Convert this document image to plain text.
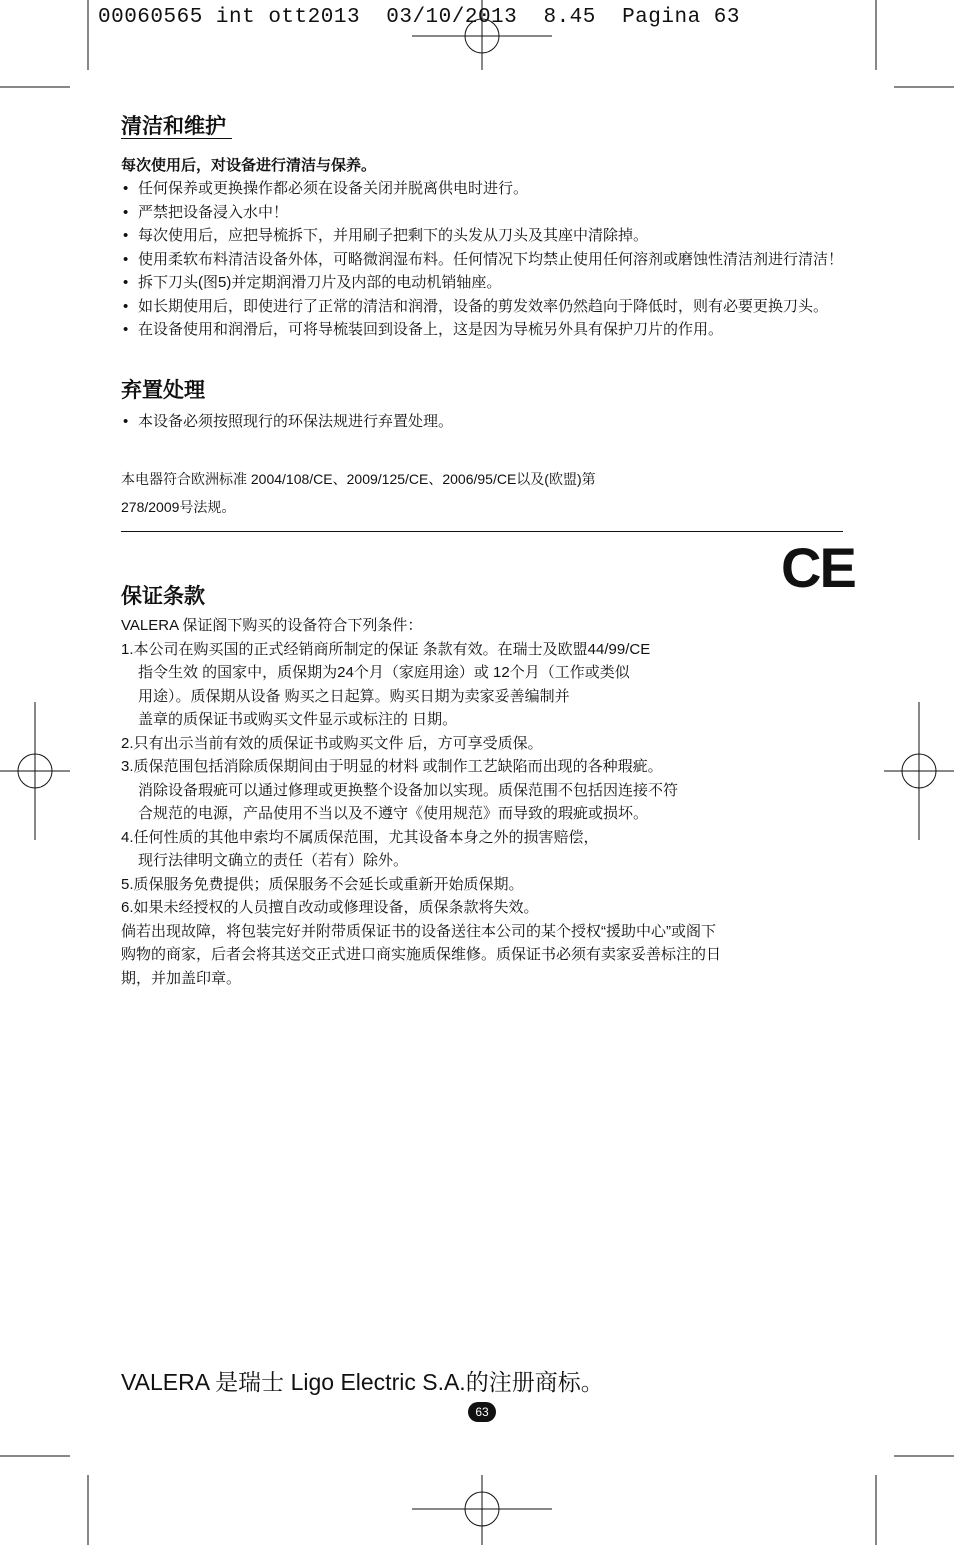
00060565 int ott2013  03/10/2013  8.45  Pagina 63
清洁和维护
每次使用后，对设备进行清洁与保养。
• 任何保养或更换操作都必须在设备关闭并脱离供电时进行。
• 严禁把设备浸入水中！
• 每次使用后，应把导梳拆下，并用刷子把剩下的头发从刀头及其座中清除掉。
• 使用柔软布料清洁设备外体，可略微润湿布料。任何情况下均禁止使用任何溶剂或磨蚀性清洁剂进行清洁！
• 拆下刀头(图5)并定期润滑刀片及内部的电动机销轴座。
• 如长期使用后，即使进行了正常的清洁和润滑，设备的剪发效率仍然趋向于降低时，则有必要更换刀头。
• 在设备使用和润滑后，可将导梳装回到设备上，这是因为导梳另外具有保护刀片的作用。
弃置处理
• 本设备必须按照现行的环保法规进行弃置处理。
本电器符合欧洲标准 2004/108/CE、2009/125/CE、2006/95/CE以及(欧盟)第
278/2009号法规。
保证条款
VALERA 保证阁下购买的设备符合下列条件：
1.本公司在购买国的正式经销商所制定的保证 条款有效。在瑞士及欧盟44/99/CE
指令生效 的国家中，质保期为24个月（家庭用途）或 12个月（工作或类似
用途）。质保期从设备 购买之日起算。购买日期为卖家妥善编制并
盖章的质保证书或购买文件显示或标注的 日期。
2.只有出示当前有效的质保证书或购买文件 后，方可享受质保。
3.质保范围包括消除质保期间由于明显的材料 或制作工艺缺陷而出现的各种瑕疵。
消除设备瑕疵可以通过修理或更换整个设备加以实现。质保范围不包括因连接不符
合规范的电源，产品使用不当以及不遵守《使用规范》而导致的瑕疵或损坏。
4.任何性质的其他申索均不属质保范围，尤其设备本身之外的损害赔偿，
现行法律明文确立的责任（若有）除外。
5.质保服务免费提供；质保服务不会延长或重新开始质保期。
6.如果未经授权的人员擅自改动或修理设备，质保条款将失效。
倘若出现故障，将包装完好并附带质保证书的设备送往本公司的某个授权“援助中心”或阁下
购物的商家，后者会将其送交正式进口商实施质保维修。质保证书必须有卖家妥善标注的日
期，并加盖印章。
CE
VALERA 是瑞士 Ligo Electric S.A.的注册商标。
63
